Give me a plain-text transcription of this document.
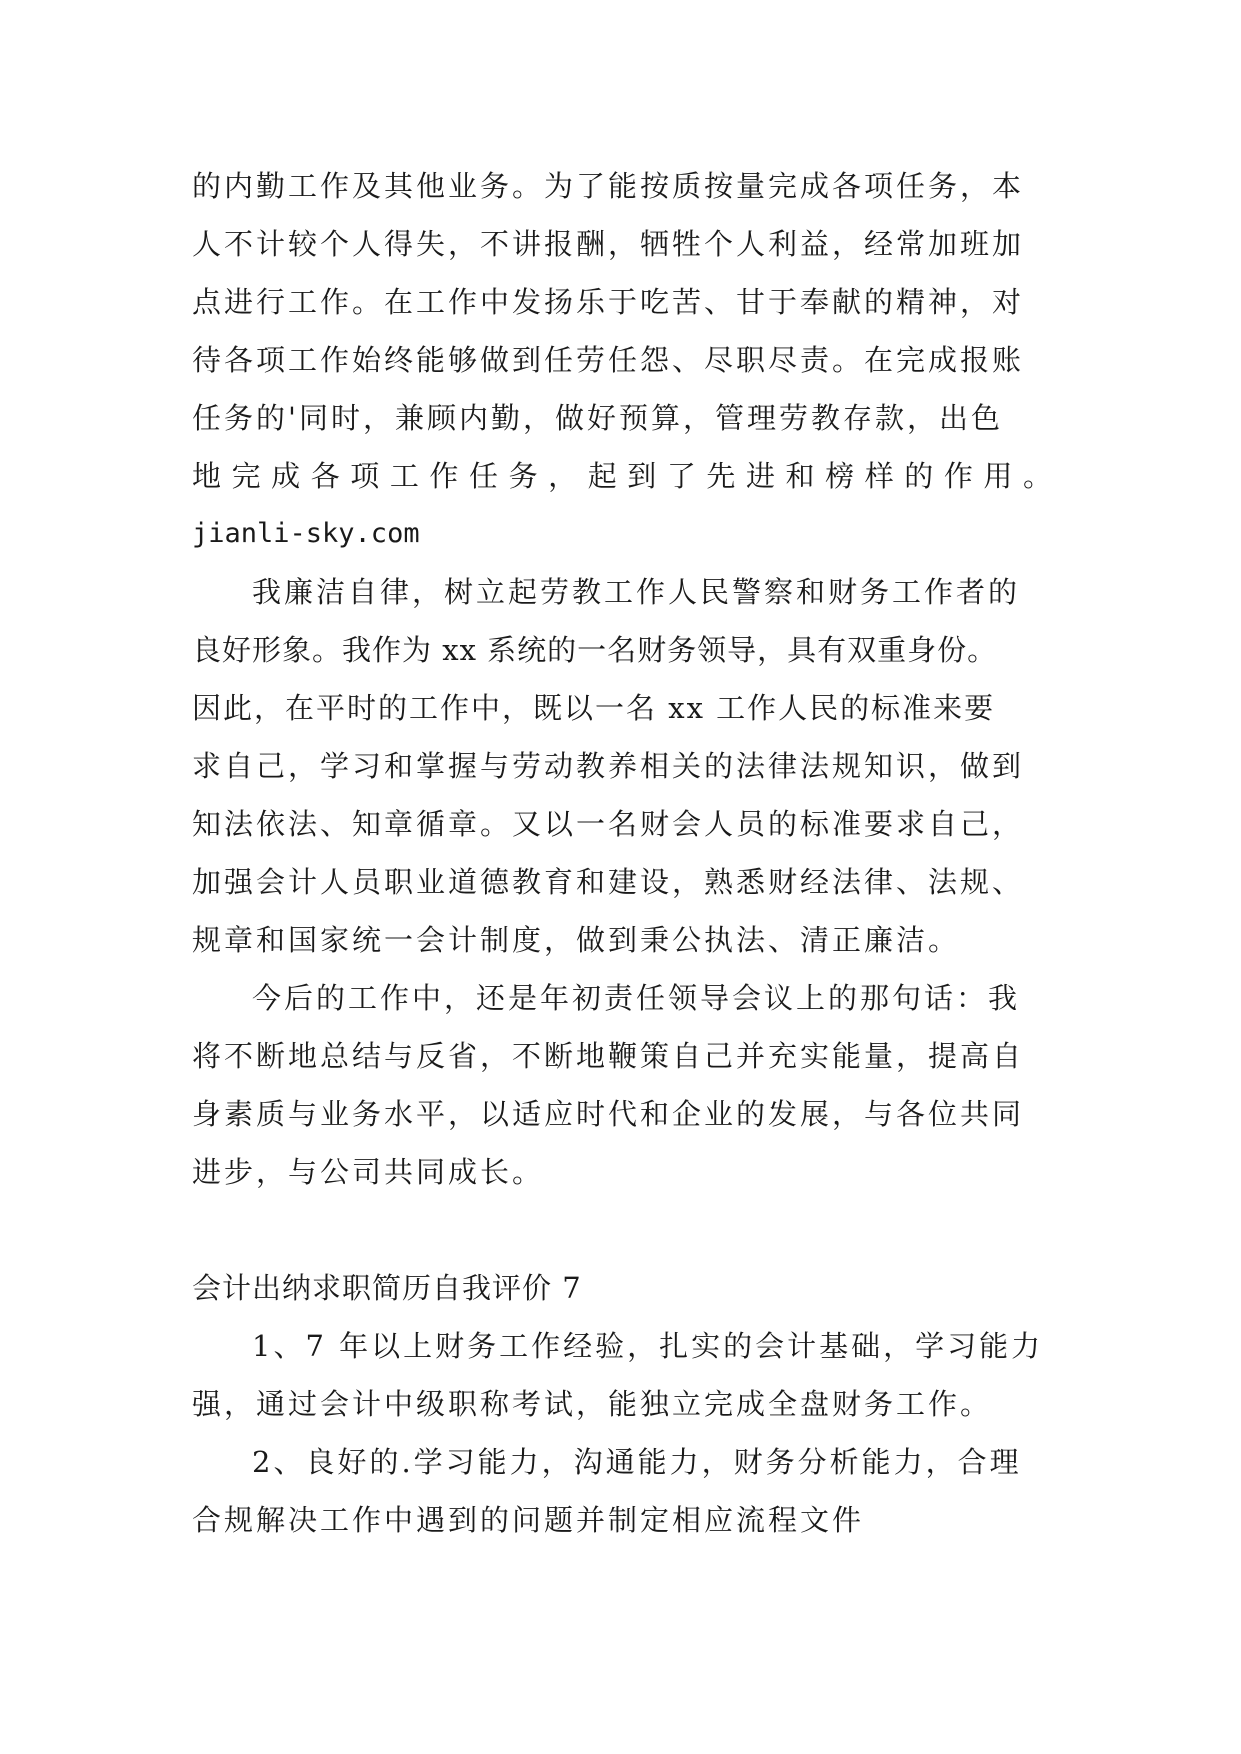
的内勤工作及其他业务。为了能按质按量完成各项任务，本
人不计较个人得失，不讲报酬，牺牲个人利益，经常加班加
点进行工作。在工作中发扬乐于吃苦、甘于奉献的精神，对
待各项工作始终能够做到任劳任怨、尽职尽责。在完成报账
任务的'同时，兼顾内勤，做好预算，管理劳教存款，出色
地完成各项工作任务，起到了先进和榜样的作用。
jianli-sky.com
我廉洁自律，树立起劳教工作人民警察和财务工作者的
良好形象。我作为 xx 系统的一名财务领导，具有双重身份。
因此，在平时的工作中，既以一名 xx 工作人民的标准来要
求自己，学习和掌握与劳动教养相关的法律法规知识，做到
知法依法、知章循章。又以一名财会人员的标准要求自己，
加强会计人员职业道德教育和建设，熟悉财经法律、法规、
规章和国家统一会计制度，做到秉公执法、清正廉洁。
今后的工作中，还是年初责任领导会议上的那句话：我
将不断地总结与反省，不断地鞭策自己并充实能量，提高自
身素质与业务水平，以适应时代和企业的发展，与各位共同
进步，与公司共同成长。
会计出纳求职简历自我评价 7
1、7 年以上财务工作经验，扎实的会计基础，学习能力
强，通过会计中级职称考试，能独立完成全盘财务工作。
2、良好的.学习能力，沟通能力，财务分析能力，合理
合规解决工作中遇到的问题并制定相应流程文件
